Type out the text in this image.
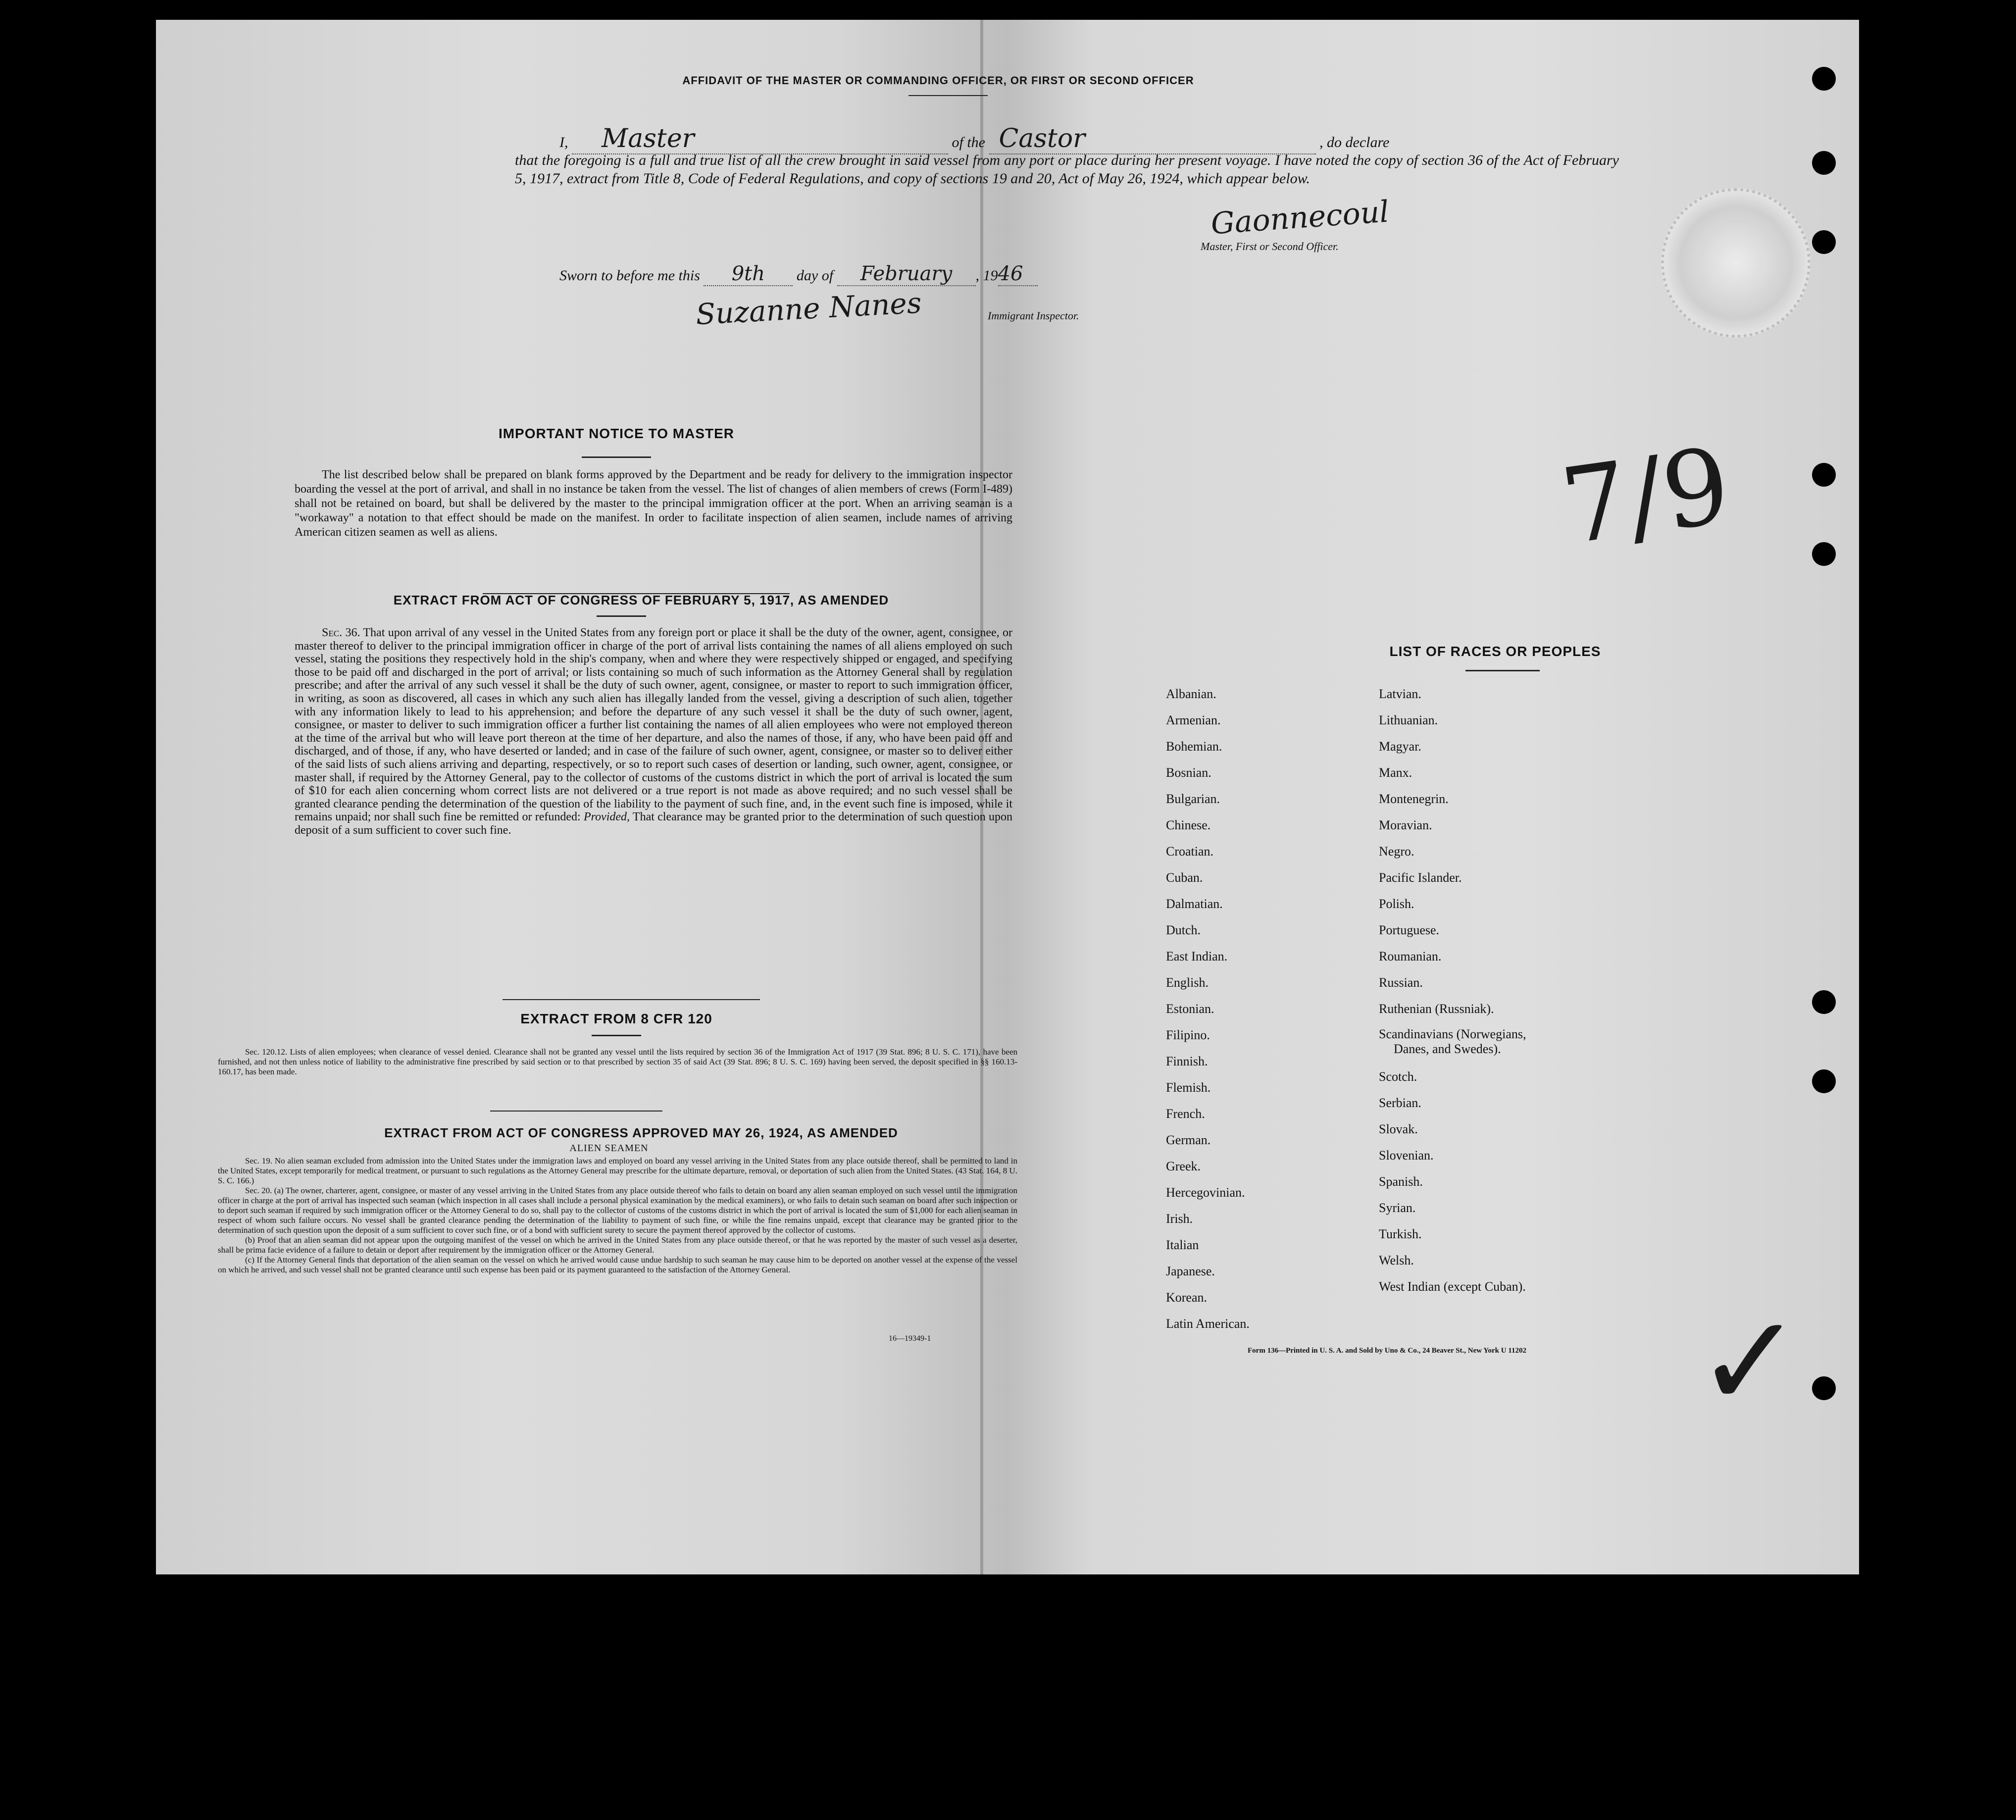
AFFIDAVIT OF THE MASTER OR COMMANDING OFFICER, OR FIRST OR SECOND OFFICER
I, Master	of the Castor	, do declare
that the foregoing is a full and true list of all the crew brought in said vessel from any port or place during her present voyage. I have noted the copy of section 36 of the Act of February 5, 1917, extract from Title 8, Code of Federal Regulations, and copy of sections 19 and 20, Act of May 26, 1924, which appear below.
Gaonnecoul
Master, First or Second Officer.
Sworn to before me this 9th day of February , 1946
Suzanne Nanes	Immigrant Inspector.
IMPORTANT NOTICE TO MASTER
The list described below shall be prepared on blank forms approved by the Department and be ready for delivery to the immigration inspector boarding the vessel at the port of arrival, and shall in no instance be taken from the vessel. The list of changes of alien members of crews (Form I-489) shall not be retained on board, but shall be delivered by the master to the principal immigration officer at the port. When an arriving seaman is a "workaway" a notation to that effect should be made on the manifest. In order to facilitate inspection of alien seamen, include names of arriving American citizen seamen as well as aliens.
EXTRACT FROM ACT OF CONGRESS OF FEBRUARY 5, 1917, AS AMENDED
Sec. 36. That upon arrival of any vessel in the United States from any foreign port or place it shall be the duty of the owner, agent, consignee, or master thereof to deliver to the principal immigration officer in charge of the port of arrival lists containing the names of all aliens employed on such vessel, stating the positions they respectively hold in the ship's company, when and where they were respectively shipped or engaged, and specifying those to be paid off and discharged in the port of arrival; or lists containing so much of such information as the Attorney General shall by regulation prescribe; and after the arrival of any such vessel it shall be the duty of such owner, agent, consignee, or master to report to such immigration officer, in writing, as soon as discovered, all cases in which any such alien has illegally landed from the vessel, giving a description of such alien, together with any information likely to lead to his apprehension; and before the departure of any such vessel it shall be the duty of such owner, agent, consignee, or master to deliver to such immigration officer a further list containing the names of all alien employees who were not employed thereon at the time of the arrival but who will leave port thereon at the time of her departure, and also the names of those, if any, who have been paid off and discharged, and of those, if any, who have deserted or landed; and in case of the failure of such owner, agent, consignee, or master so to deliver either of the said lists of such aliens arriving and departing, respectively, or so to report such cases of desertion or landing, such owner, agent, consignee, or master shall, if required by the Attorney General, pay to the collector of customs of the customs district in which the port of arrival is located the sum of $10 for each alien concerning whom correct lists are not delivered or a true report is not made as above required; and no such vessel shall be granted clearance pending the determination of the question of the liability to the payment of such fine, and, in the event such fine is imposed, while it remains unpaid; nor shall such fine be remitted or refunded: Provided, That clearance may be granted prior to the determination of such question upon deposit of a sum sufficient to cover such fine.
EXTRACT FROM 8 CFR 120
Sec. 120.12. Lists of alien employees; when clearance of vessel denied. Clearance shall not be granted any vessel until the lists required by section 36 of the Immigration Act of 1917 (39 Stat. 896; 8 U. S. C. 171), have been furnished, and not then unless notice of liability to the administrative fine prescribed by said section or to that prescribed by section 35 of said Act (39 Stat. 896; 8 U. S. C. 169) having been served, the deposit specified in §§ 160.13-160.17, has been made.
EXTRACT FROM ACT OF CONGRESS APPROVED MAY 26, 1924, AS AMENDED
ALIEN SEAMEN
Sec. 19. No alien seaman excluded from admission into the United States under the immigration laws and employed on board any vessel arriving in the United States from any place outside thereof, shall be permitted to land in the United States, except temporarily for medical treatment, or pursuant to such regulations as the Attorney General may prescribe for the ultimate departure, removal, or deportation of such alien from the United States. (43 Stat. 164, 8 U. S. C. 166.)
Sec. 20. (a) The owner, charterer, agent, consignee, or master of any vessel arriving in the United States from any place outside thereof who fails to detain on board any alien seaman employed on such vessel until the immigration officer in charge at the port of arrival has inspected such seaman (which inspection in all cases shall include a personal physical examination by the medical examiners), or who fails to detain such seaman on board after such inspection or to deport such seaman if required by such immigration officer or the Attorney General to do so, shall pay to the collector of customs of the customs district in which the port of arrival is located the sum of $1,000 for each alien seaman in respect of whom such failure occurs. No vessel shall be granted clearance pending the determination of the liability to payment of such fine, or while the fine remains unpaid, except that clearance may be granted prior to the determination of such question upon the deposit of a sum sufficient to cover such fine, or of a bond with sufficient surety to secure the payment thereof approved by the collector of customs.
(b) Proof that an alien seaman did not appear upon the outgoing manifest of the vessel on which he arrived in the United States from any place outside thereof, or that he was reported by the master of such vessel as a deserter, shall be prima facie evidence of a failure to detain or deport after requirement by the immigration officer or the Attorney General.
(c) If the Attorney General finds that deportation of the alien seaman on the vessel on which he arrived would cause undue hardship to such seaman he may cause him to be deported on another vessel at the expense of the vessel on which he arrived, and such vessel shall not be granted clearance until such expense has been paid or its payment guaranteed to the satisfaction of the Attorney General.
16—19349-1
7/9
LIST OF RACES OR PEOPLES
Albanian.
Armenian.
Bohemian.
Bosnian.
Bulgarian.
Chinese.
Croatian.
Cuban.
Dalmatian.
Dutch.
East Indian.
English.
Estonian.
Filipino.
Finnish.
Flemish.
French.
German.
Greek.
Hercegovinian.
Irish.
Italian
Japanese.
Korean.
Latin American.
Latvian.
Lithuanian.
Magyar.
Manx.
Montenegrin.
Moravian.
Negro.
Pacific Islander.
Polish.
Portuguese.
Roumanian.
Russian.
Ruthenian (Russniak).
Scandinavians (Norwegians,
Danes, and Swedes).
Scotch.
Serbian.
Slovak.
Slovenian.
Spanish.
Syrian.
Turkish.
Welsh.
West Indian (except Cuban).
Form 136—Printed in U. S. A. and Sold by Uno & Co., 24 Beaver St., New York U 11202 ✓
